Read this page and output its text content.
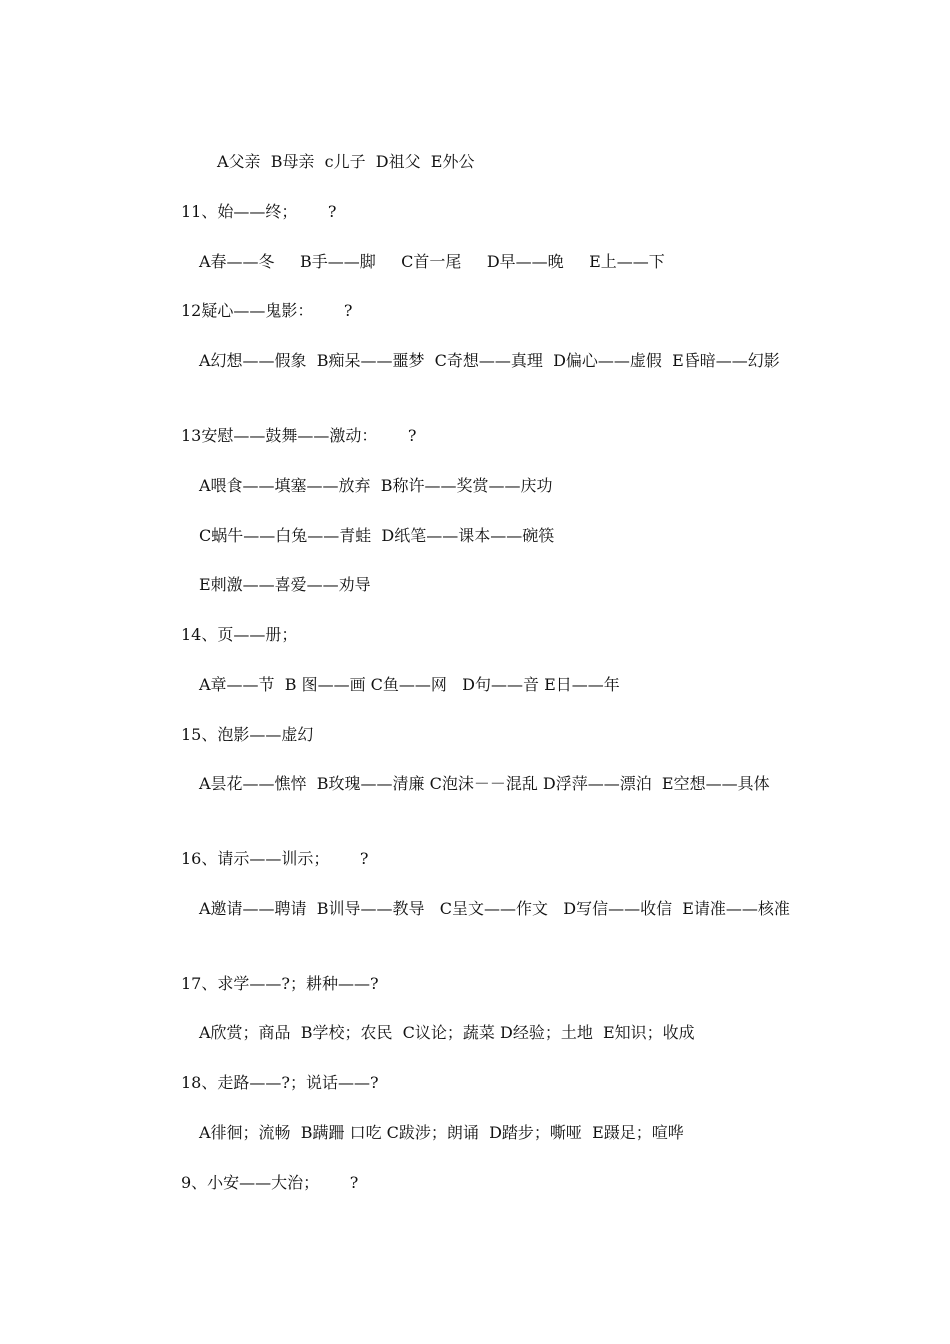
A父亲  B母亲  c儿子  D祖父  E外公
11、始——终；      ?
A春——冬     B手——脚     C首一尾     D早——晚     E上——下
12疑心——鬼影：      ?
A幻想——假象  B痴呆——噩梦  C奇想——真理  D偏心——虚假  E昏暗——幻影
13安慰——鼓舞——激动：      ?
A喂食——填塞——放弃  B称许——奖赏——庆功
C蜗牛——白兔——青蛙  D纸笔——课本——碗筷
E刺激——喜爱——劝导
14、页——册；
A章——节  B 图——画 C鱼——网   D句——音 E日——年
15、泡影——虚幻
A昙花——憔悴  B玫瑰——清廉 C泡沫－－混乱 D浮萍——漂泊  E空想——具体
16、请示——训示；      ?
A邀请——聘请  B训导——教导   C呈文——作文   D写信——收信  E请准——核准
17、求学——?；耕种——?
A欣赏；商品  B学校；农民  C议论；蔬菜 D经验；土地  E知识；收成
18、走路——?；说话——?
A徘徊；流畅  B蹒跚 口吃 C跋涉；朗诵  D踏步；嘶哑  E蹑足；喧哗
9、小安——大治；      ?
